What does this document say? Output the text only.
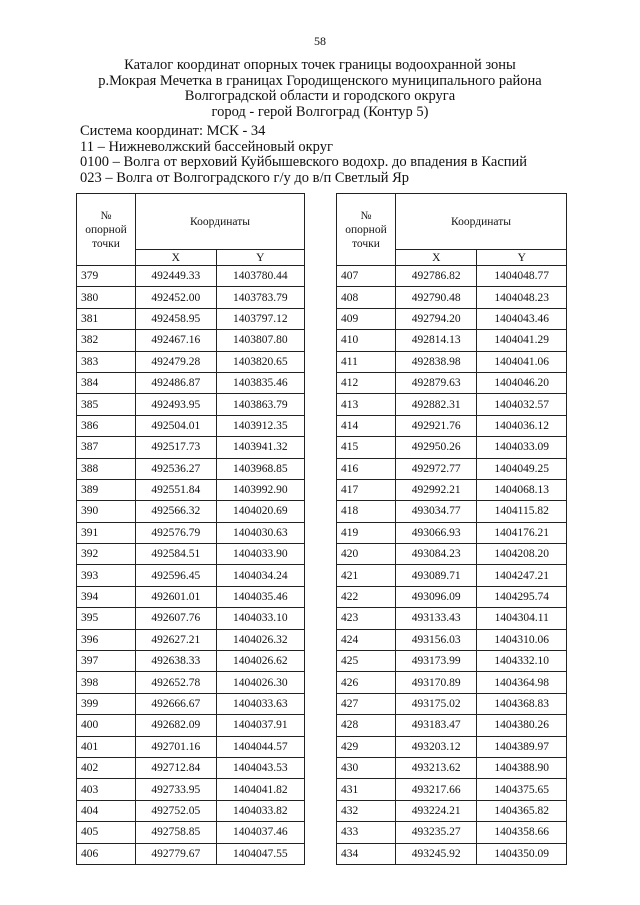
58
Каталог координат опорных точек границы водоохранной зоны
р.Мокрая Мечетка в границах Городищенского муниципального района
Волгоградской области и городского округа
город - герой Волгоград (Контур 5)
Система координат: МСК - 34
11 – Нижневолжский бассейновый округ
0100 – Волга от верховий Куйбышевского водохр. до впадения в Каспий
023 – Волга от Волгоградского г/у до в/п Светлый Яр
№
опорной
точки	Координаты	
	X	Y
379	492449.33	1403780.44
380	492452.00	1403783.79
381	492458.95	1403797.12
382	492467.16	1403807.80
383	492479.28	1403820.65
384	492486.87	1403835.46
385	492493.95	1403863.79
386	492504.01	1403912.35
387	492517.73	1403941.32
388	492536.27	1403968.85
389	492551.84	1403992.90
390	492566.32	1404020.69
391	492576.79	1404030.63
392	492584.51	1404033.90
393	492596.45	1404034.24
394	492601.01	1404035.46
395	492607.76	1404033.10
396	492627.21	1404026.32
397	492638.33	1404026.62
398	492652.78	1404026.30
399	492666.67	1404033.63
400	492682.09	1404037.91
401	492701.16	1404044.57
402	492712.84	1404043.53
403	492733.95	1404041.82
404	492752.05	1404033.82
405	492758.85	1404037.46
406	492779.67	1404047.55
№
опорной
точки	Координаты	
	X	Y
407	492786.82	1404048.77
408	492790.48	1404048.23
409	492794.20	1404043.46
410	492814.13	1404041.29
411	492838.98	1404041.06
412	492879.63	1404046.20
413	492882.31	1404032.57
414	492921.76	1404036.12
415	492950.26	1404033.09
416	492972.77	1404049.25
417	492992.21	1404068.13
418	493034.77	1404115.82
419	493066.93	1404176.21
420	493084.23	1404208.20
421	493089.71	1404247.21
422	493096.09	1404295.74
423	493133.43	1404304.11
424	493156.03	1404310.06
425	493173.99	1404332.10
426	493170.89	1404364.98
427	493175.02	1404368.83
428	493183.47	1404380.26
429	493203.12	1404389.97
430	493213.62	1404388.90
431	493217.66	1404375.65
432	493224.21	1404365.82
433	493235.27	1404358.66
434	493245.92	1404350.09
